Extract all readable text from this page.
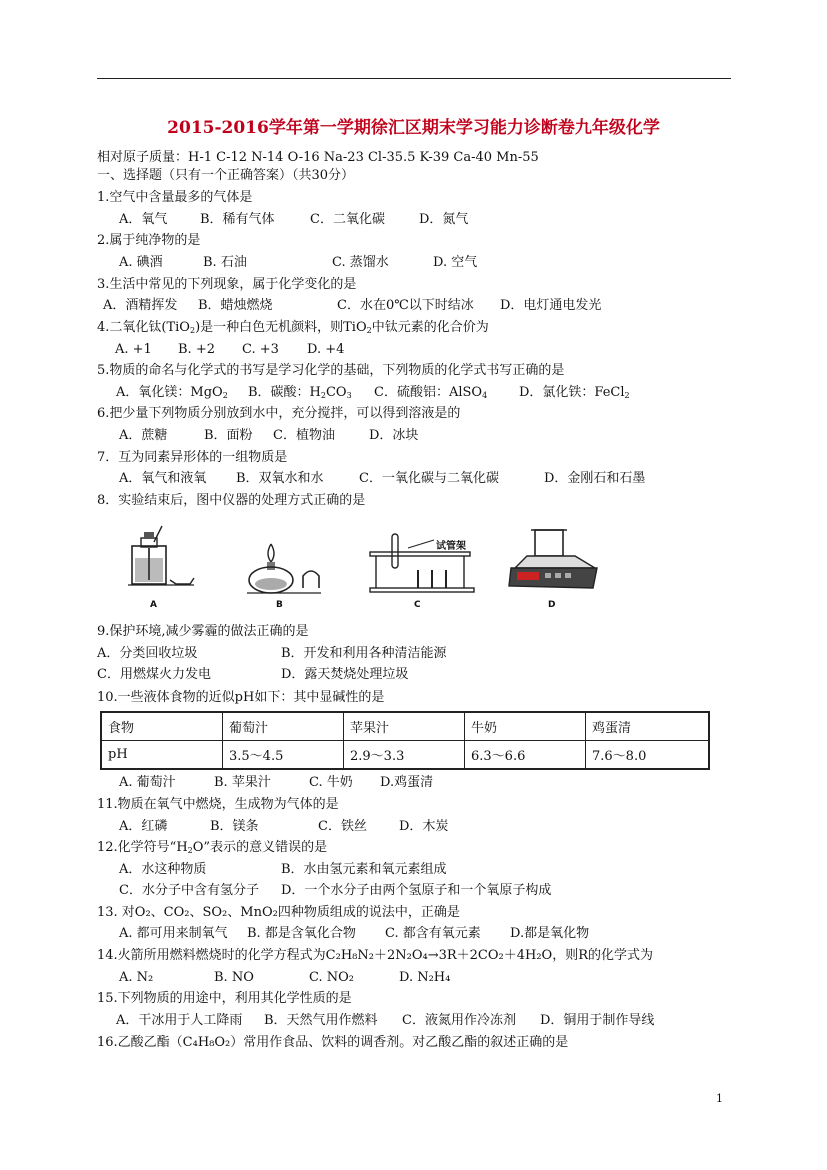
2015-2016学年第一学期徐汇区期末学习能力诊断卷九年级化学
相对原子质量：H-1 C-12 N-14 O-16 Na-23 Cl-35.5 K-39 Ca-40 Mn-55
一、选择题（只有一个正确答案）（共30分）
1.空气中含量最多的气体是
A．氧气	B．稀有气体	C．二氧化碳	D．氮气
2.属于纯净物的是
A. 碘酒	B. 石油	C. 蒸馏水	D. 空气
3.生活中常见的下列现象，属于化学变化的是
A．酒精挥发 B．蜡烛燃烧	C．水在0℃以下时结冰 D．电灯通电发光
4.二氧化钛(TiO$_2$)是一种白色无机颜料，则TiO$_2$中钛元素的化合价为
A. +1 B. +2 C. +3 D. +4
5.物质的命名与化学式的书写是学习化学的基础，下列物质的化学式书写正确的是
A．氧化镁：MgO$_2$ B．碳酸：$H_2CO_3$ C．硫酸铝：AlSO$_4$ D．氯化铁：FeCl$_2$
6.把少量下列物质分别放到水中，充分搅拌，可以得到溶液是的
A．蔗糖	B．面粉 C．植物油	D．冰块
7．互为同素异形体的一组物质是
A．氧气和液氧 B．双氧水和水	C．一氧化碳与二氧化碳	D．金刚石和石墨
8．实验结束后，图中仪器的处理方式正确的是
A	B
试管架
C	D
9.保护环境,减少雾霾的做法正确的是
A．分类回收垃圾	B．开发和利用各种清洁能源
C．用燃煤火力发电	D．露天焚烧处理垃圾
10.一些液体食物的近似pH如下：其中显碱性的是
食物	葡萄汁	苹果汁	牛奶	鸡蛋清
pH	3.5～4.5	2.9～3.3	6.3～6.6	7.6～8.0
A. 葡萄汁	B. 苹果汁	C. 牛奶 D.鸡蛋清
11.物质在氧气中燃烧，生成物为气体的是
A．红磷	B．镁条	C．铁丝 D．木炭
12.化学符号“$H_2O$”表示的意义错误的是
A．水这种物质	B．水由氢元素和氧元素组成
C．水分子中含有氢分子 D．一个水分子由两个氢原子和一个氧原子构成
13. 对O₂、CO₂、SO₂、MnO₂四种物质组成的说法中，正确是
A. 都可用来制氧气 B. 都是含氧化合物 C. 都含有氧元素 D.都是氧化物
14.火箭所用燃料燃烧时的化学方程式为C₂H₈N₂＋2N₂O₄→3R＋2CO₂＋4H₂O，则R的化学式为
A. N₂	B. NO	C. NO₂	D. N₂H₄
15.下列物质的用途中，利用其化学性质的是
A．干冰用于人工降雨 B．天然气用作燃料 C．液氮用作冷冻剂 D．铜用于制作导线
16.乙酸乙酯（C₄H₈O₂）常用作食品、饮料的调香剂。对乙酸乙酯的叙述正确的是
1
